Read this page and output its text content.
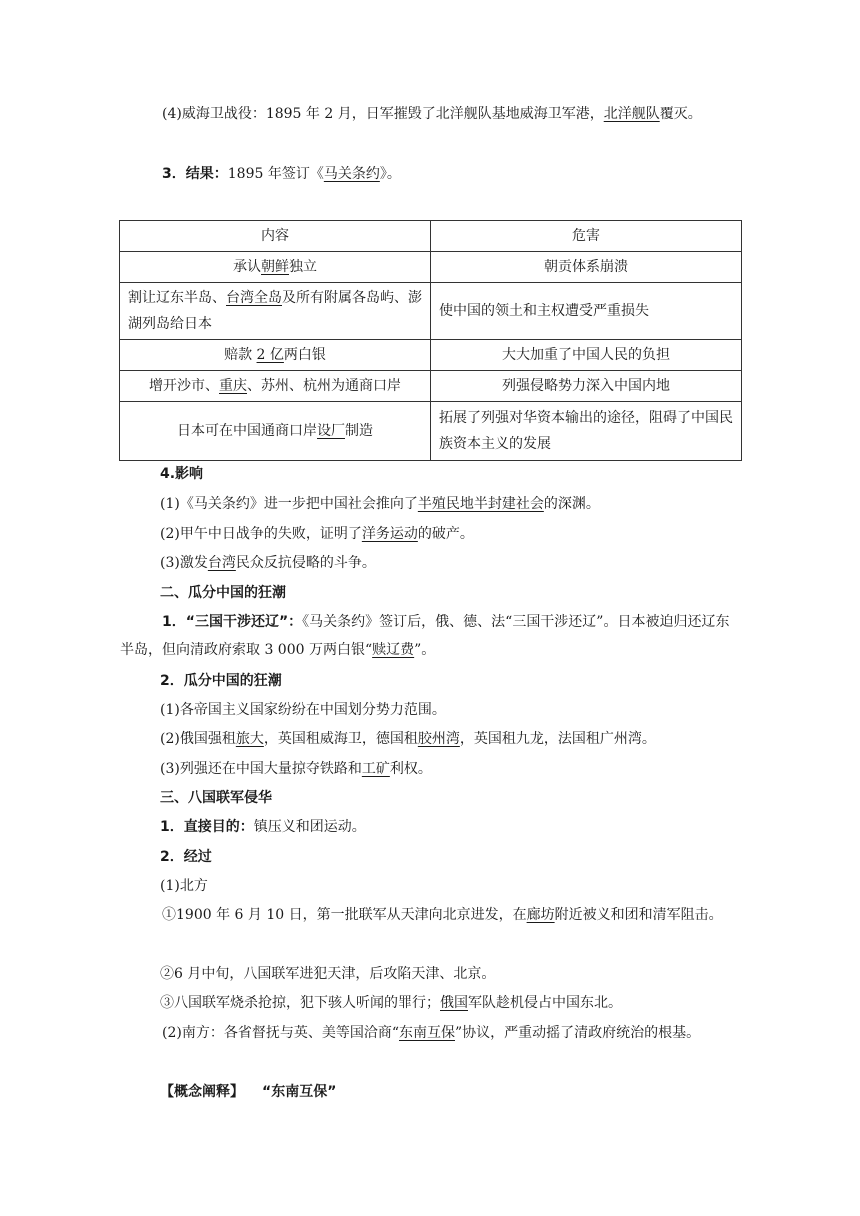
(4)威海卫战役：1895 年 2 月，日军摧毁了北洋舰队基地威海卫军港，北洋舰队覆灭。

3．结果：1895 年签订《马关条约》。

内容	危害
承认朝鲜独立	朝贡体系崩溃
割让辽东半岛、台湾全岛及所有附属各岛屿、澎湖列岛给日本	使中国的领土和主权遭受严重损失
赔款 2 亿两白银	大大加重了中国人民的负担
增开沙市、重庆、苏州、杭州为通商口岸	列强侵略势力深入中国内地
日本可在中国通商口岸设厂制造	拓展了列强对华资本输出的途径，阻碍了中国民族资本主义的发展

4.影响

(1)《马关条约》进一步把中国社会推向了半殖民地半封建社会的深渊。

(2)甲午中日战争的失败，证明了洋务运动的破产。

(3)激发台湾民众反抗侵略的斗争。

二、瓜分中国的狂潮

1．“三国干涉还辽”：《马关条约》签订后，俄、德、法“三国干涉还辽”。日本被迫归还辽东半岛，但向清政府索取 3 000 万两白银“赎辽费”。

2．瓜分中国的狂潮

(1)各帝国主义国家纷纷在中国划分势力范围。

(2)俄国强租旅大，英国租威海卫，德国租胶州湾，英国租九龙，法国租广州湾。

(3)列强还在中国大量掠夺铁路和工矿利权。

三、八国联军侵华

1．直接目的：镇压义和团运动。

2．经过

(1)北方

①1900 年 6 月 10 日，第一批联军从天津向北京进发，在廊坊附近被义和团和清军阻击。

②6 月中旬，八国联军进犯天津，后攻陷天津、北京。

③八国联军烧杀抢掠，犯下骇人听闻的罪行；俄国军队趁机侵占中国东北。

(2)南方：各省督抚与英、美等国洽商“东南互保”协议，严重动摇了清政府统治的根基。

【概念阐释】 “东南互保”
